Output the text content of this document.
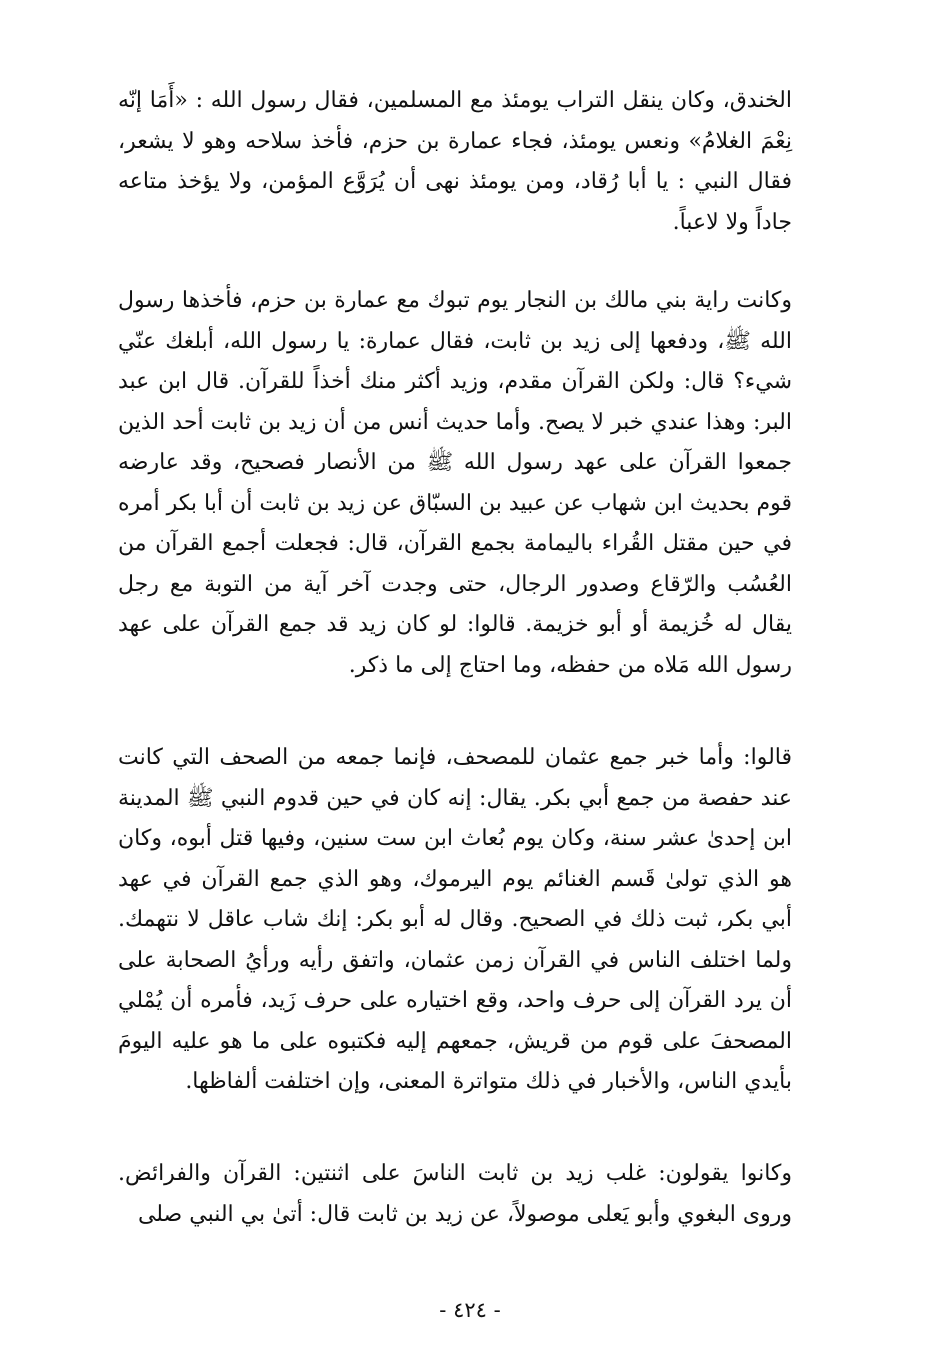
الخندق، وكان ينقل التراب يومئذ مع المسلمين، فقال رسول الله : «أَمَا إنّه نِعْمَ الغلامُ» ونعس يومئذ، فجاء عمارة بن حزم، فأخذ سلاحه وهو لا يشعر، فقال النبي : يا أبا رُقاد، ومن يومئذ نهى أن يُرَوَّع المؤمن، ولا يؤخذ متاعه جاداً ولا لاعباً.

وكانت راية بني مالك بن النجار يوم تبوك مع عمارة بن حزم، فأخذها رسول الله ﷺ، ودفعها إلى زيد بن ثابت، فقال عمارة: يا رسول الله، أبلغك عنّي شيء؟ قال: ولكن القرآن مقدم، وزيد أكثر منك أخذاً للقرآن. قال ابن عبد البر: وهذا عندي خبر لا يصح. وأما حديث أنس من أن زيد بن ثابت أحد الذين جمعوا القرآن على عهد رسول الله ﷺ من الأنصار فصحيح، وقد عارضه قوم بحديث ابن شهاب عن عبيد بن السبّاق عن زيد بن ثابت أن أبا بكر أمره في حين مقتل القُراء باليمامة بجمع القرآن، قال: فجعلت أجمع القرآن من العُسُب والرّقاع وصدور الرجال، حتى وجدت آخر آية من التوبة مع رجل يقال له خُزيمة أو أبو خزيمة. قالوا: لو كان زيد قد جمع القرآن على عهد رسول الله مَلاه من حفظه، وما احتاج إلى ما ذكر.

قالوا: وأما خبر جمع عثمان للمصحف، فإنما جمعه من الصحف التي كانت عند حفصة من جمع أبي بكر. يقال: إنه كان في حين قدوم النبي ﷺ المدينة ابن إحدىٰ عشر سنة، وكان يوم بُعاث ابن ست سنين، وفيها قتل أبوه، وكان هو الذي تولىٰ قَسم الغنائم يوم اليرموك، وهو الذي جمع القرآن في عهد أبي بكر، ثبت ذلك في الصحيح. وقال له أبو بكر: إنك شاب عاقل لا نتهمك. ولما اختلف الناس في القرآن زمن عثمان، واتفق رأيه ورأيُ الصحابة على أن يرد القرآن إلى حرف واحد، وقع اختياره على حرف زَيد، فأمره أن يُمْلي المصحفَ على قوم من قريش، جمعهم إليه فكتبوه على ما هو عليه اليومَ بأيدي الناس، والأخبار في ذلك متواترة المعنى، وإن اختلفت ألفاظها.

وكانوا يقولون: غلب زيد بن ثابت الناسَ على اثنتين: القرآن والفرائض. وروى البغوي وأبو يَعلى موصولاً، عن زيد بن ثابت قال: أتىٰ بي النبي صلى

- ٤٢٤ -
